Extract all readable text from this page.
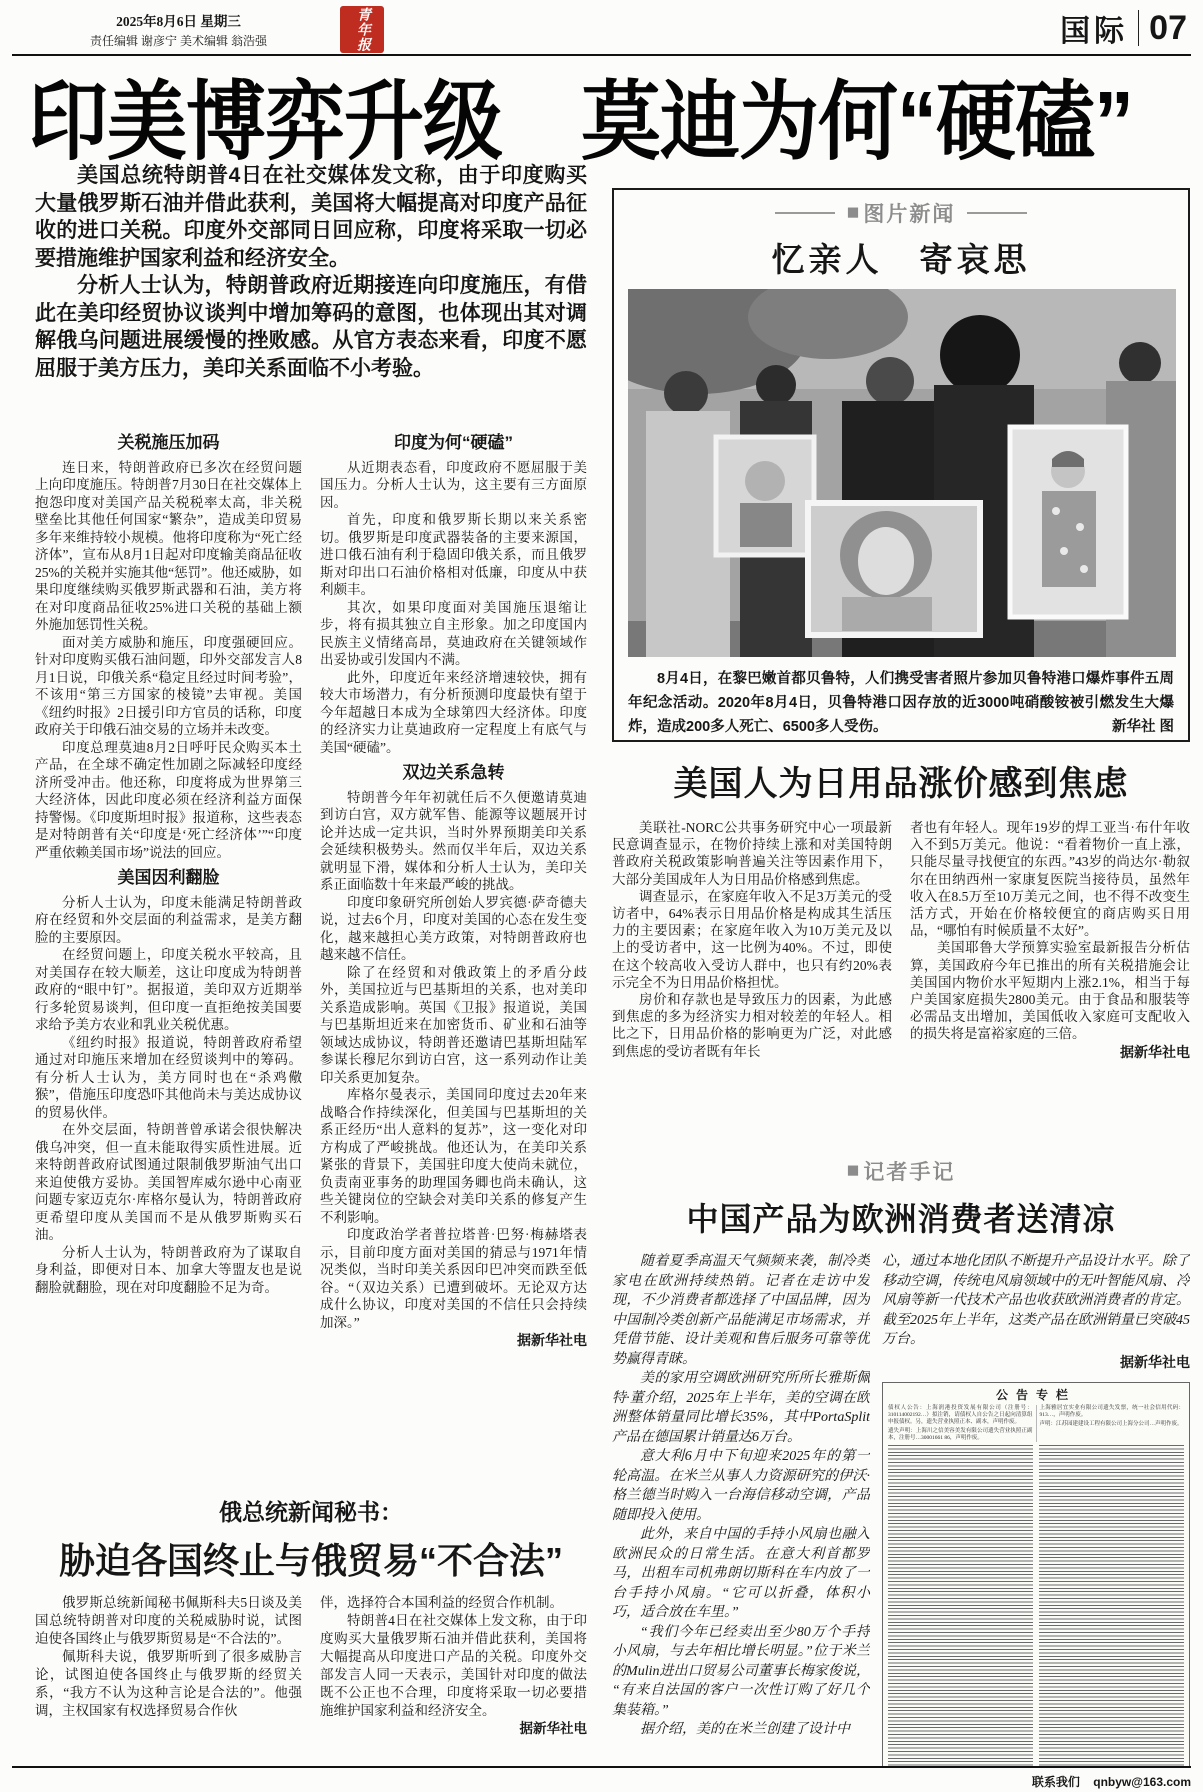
2025年8月6日 星期三
责任编辑 谢彦宁 美术编辑 翁浩强	青年报	国际 07
印美博弈升级　莫迪为何“硬磕”

美国总统特朗普4日在社交媒体发文称，由于印度购买大量俄罗斯石油并借此获利，美国将大幅提高对印度产品征收的进口关税。印度外交部同日回应称，印度将采取一切必要措施维护国家利益和经济安全。

分析人士认为，特朗普政府近期接连向印度施压，有借此在美印经贸协议谈判中增加筹码的意图，也体现出其对调解俄乌问题进展缓慢的挫败感。从官方表态来看，印度不愿屈服于美方压力，美印关系面临不小考验。

关税施压加码

连日来，特朗普政府已多次在经贸问题上向印度施压。特朗普7月30日在社交媒体上抱怨印度对美国产品关税税率太高，非关税壁垒比其他任何国家“繁杂”，造成美印贸易多年来维持较小规模。他将印度称为“死亡经济体”，宣布从8月1日起对印度输美商品征收25%的关税并实施其他“惩罚”。他还威胁，如果印度继续购买俄罗斯武器和石油，美方将在对印度商品征收25%进口关税的基础上额外施加惩罚性关税。

面对美方威胁和施压，印度强硬回应。针对印度购买俄石油问题，印外交部发言人8月1日说，印俄关系“稳定且经过时间考验”，不该用“第三方国家的棱镜”去审视。美国《纽约时报》2日援引印方官员的话称，印度政府关于印俄石油交易的立场并未改变。

印度总理莫迪8月2日呼吁民众购买本土产品，在全球不确定性加剧之际减轻印度经济所受冲击。他还称，印度将成为世界第三大经济体，因此印度必须在经济利益方面保持警惕。《印度斯坦时报》报道称，这些表态是对特朗普有关“印度是‘死亡经济体’”“印度严重依赖美国市场”说法的回应。

美国因利翻脸

分析人士认为，印度未能满足特朗普政府在经贸和外交层面的利益需求，是美方翻脸的主要原因。

在经贸问题上，印度关税水平较高，且对美国存在较大顺差，这让印度成为特朗普政府的“眼中钉”。据报道，美印双方近期举行多轮贸易谈判，但印度一直拒绝按美国要求给予美方农业和乳业关税优惠。

《纽约时报》报道说，特朗普政府希望通过对印施压来增加在经贸谈判中的筹码。有分析人士认为，美方同时也在“杀鸡儆猴”，借施压印度恐吓其他尚未与美达成协议的贸易伙伴。

在外交层面，特朗普曾承诺会很快解决俄乌冲突，但一直未能取得实质性进展。近来特朗普政府试图通过限制俄罗斯油气出口来迫使俄方妥协。美国智库威尔逊中心南亚问题专家迈克尔·库格尔曼认为，特朗普政府更希望印度从美国而不是从俄罗斯购买石油。

分析人士认为，特朗普政府为了谋取自身利益，即便对日本、加拿大等盟友也是说翻脸就翻脸，现在对印度翻脸不足为奇。

印度为何“硬磕”

从近期表态看，印度政府不愿屈服于美国压力。分析人士认为，这主要有三方面原因。

首先，印度和俄罗斯长期以来关系密切。俄罗斯是印度武器装备的主要来源国，进口俄石油有利于稳固印俄关系，而且俄罗斯对印出口石油价格相对低廉，印度从中获利颇丰。

其次，如果印度面对美国施压退缩让步，将有损其独立自主形象。加之印度国内民族主义情绪高昂，莫迪政府在关键领域作出妥协或引发国内不满。

此外，印度近年来经济增速较快，拥有较大市场潜力，有分析预测印度最快有望于今年超越日本成为全球第四大经济体。印度的经济实力让莫迪政府一定程度上有底气与美国“硬磕”。

双边关系急转

特朗普今年年初就任后不久便邀请莫迪到访白宫，双方就军售、能源等议题展开讨论并达成一定共识，当时外界预期美印关系会延续积极势头。然而仅半年后，双边关系就明显下滑，媒体和分析人士认为，美印关系正面临数十年来最严峻的挑战。

印度印象研究所创始人罗宾德·萨奇德夫说，过去6个月，印度对美国的心态在发生变化，越来越担心美方政策，对特朗普政府也越来越不信任。

除了在经贸和对俄政策上的矛盾分歧外，美国拉近与巴基斯坦的关系，也对美印关系造成影响。英国《卫报》报道说，美国与巴基斯坦近来在加密货币、矿业和石油等领域达成协议，特朗普还邀请巴基斯坦陆军参谋长穆尼尔到访白宫，这一系列动作让美印关系更加复杂。

库格尔曼表示，美国同印度过去20年来战略合作持续深化，但美国与巴基斯坦的关系正经历“出人意料的复苏”，这一变化对印方构成了严峻挑战。他还认为，在美印关系紧张的背景下，美国驻印度大使尚未就位，负责南亚事务的助理国务卿也尚未确认，这些关键岗位的空缺会对美印关系的修复产生不利影响。

印度政治学者普拉塔普·巴努·梅赫塔表示，目前印度方面对美国的猜忌与1971年情况类似，当时印美关系因印巴冲突而跌至低谷。“（双边关系）已遭到破坏。无论双方达成什么协议，印度对美国的不信任只会持续加深。”

据新华社电
俄总统新闻秘书：
胁迫各国终止与俄贸易“不合法”

俄罗斯总统新闻秘书佩斯科夫5日谈及美国总统特朗普对印度的关税威胁时说，试图迫使各国终止与俄罗斯贸易是“不合法的”。

佩斯科夫说，俄罗斯听到了很多威胁言论，试图迫使各国终止与俄罗斯的经贸关系，“我方不认为这种言论是合法的”。他强调，主权国家有权选择贸易合作伙

伴，选择符合本国利益的经贸合作机制。

特朗普4日在社交媒体上发文称，由于印度购买大量俄罗斯石油并借此获利，美国将大幅提高从印度进口产品的关税。印度外交部发言人同一天表示，美国针对印度的做法既不公正也不合理，印度将采取一切必要措施维护国家利益和经济安全。
据新华社电

■ 图片新闻
忆亲人　寄哀思
8月4日，在黎巴嫩首都贝鲁特，人们携受害者照片参加贝鲁特港口爆炸事件五周年纪念活动。2020年8月4日，贝鲁特港口因存放的近3000吨硝酸铵被引燃发生大爆炸，造成200多人死亡、6500多人受伤。	新华社 图
美国人为日用品涨价感到焦虑

美联社-NORC公共事务研究中心一项最新民意调查显示，在物价持续上涨和对美国特朗普政府关税政策影响普遍关注等因素作用下，大部分美国成年人为日用品价格感到焦虑。

调查显示，在家庭年收入不足3万美元的受访者中，64%表示日用品价格是构成其生活压力的主要因素；在家庭年收入为10万美元及以上的受访者中，这一比例为40%。不过，即使在这个较高收入受访人群中，也只有约20%表示完全不为日用品价格担忧。

房价和存款也是导致压力的因素，为此感到焦虑的多为经济实力相对较差的年轻人。相比之下，日用品价格的影响更为广泛，对此感到焦虑的受访者既有年长

者也有年轻人。现年19岁的焊工亚当·布什年收入不到5万美元。他说：“看着物价一直上涨，只能尽量寻找便宜的东西。”43岁的尚达尔·勒叙尔在田纳西州一家康复医院当接待员，虽然年收入在8.5万至10万美元之间，也不得不改变生活方式，开始在价格较便宜的商店购买日用品，“哪怕有时候质量不太好”。

美国耶鲁大学预算实验室最新报告分析估算，美国政府今年已推出的所有关税措施会让美国国内物价水平短期内上涨2.1%，相当于每户美国家庭损失2800美元。由于食品和服装等必需品支出增加，美国低收入家庭可支配收入的损失将是富裕家庭的三倍。

据新华社电
■ 记者手记
中国产品为欧洲消费者送清凉

随着夏季高温天气频频来袭，制冷类家电在欧洲持续热销。记者在走访中发现，不少消费者都选择了中国品牌，因为中国制冷类创新产品能满足市场需求，并凭借节能、设计美观和售后服务可靠等优势赢得青睐。

美的家用空调欧洲研究所所长雅斯佩特·董介绍，2025年上半年，美的空调在欧洲整体销量同比增长35%，其中PortaSplit产品在德国累计销量达6万台。

意大利6月中下旬迎来2025年的第一轮高温。在米兰从事人力资源研究的伊沃·格兰德当时购入一台海信移动空调，产品随即投入使用。

此外，来自中国的手持小风扇也融入欧洲民众的日常生活。在意大利首都罗马，出租车司机弗朗切斯科在车内放了一台手持小风扇。“它可以折叠，体积小巧，适合放在车里。”

“我们今年已经卖出至少80万个手持小风扇，与去年相比增长明显。”位于米兰的Mulin进出口贸易公司董事长梅家俊说，“有来自法国的客户一次性订购了好几个集装箱。”

据介绍，美的在米兰创建了设计中

心，通过本地化团队不断提升产品设计水平。除了移动空调，传统电风扇领域中的无叶智能风扇、冷风扇等新一代技术产品也收获欧洲消费者的肯定。截至2025年上半年，这类产品在欧洲销量已突破45万台。

据新华社电
公告专栏

债权人公告：上海润港投资发展有限公司（注册号：310114002192…）拟注销，请债权人自公告之日起向清算组申报债权。另，遗失营业执照正本、副本，声明作废。

遗失声明：上海川之信美容美发有限公司遗失营业执照正副本，注册号…30001661 86，声明作废。

上海雅居宜实业有限公司遗失发票，统一社会信用代码：913…，声明作废。

声明：江苏园建建设工程有限公司上海分公司…声明作废。

联系我们 qnbyw@163.com
